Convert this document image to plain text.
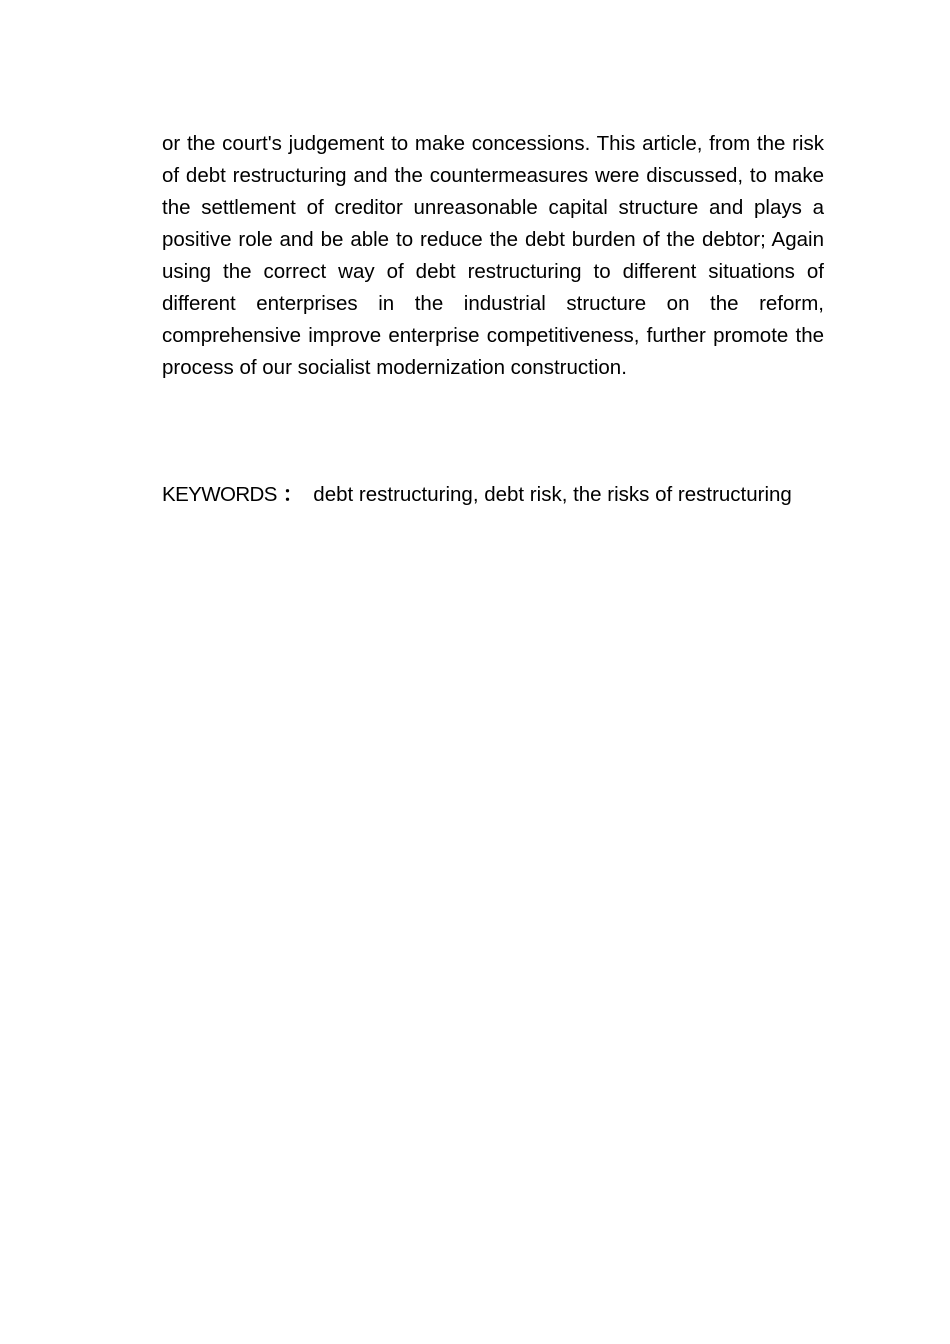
or the court's judgement to make concessions. This article, from the risk of debt restructuring and the countermeasures were discussed, to make the settlement of creditor unreasonable capital structure and plays a positive role and be able to reduce the debt burden of the debtor; Again using the correct way of debt restructuring to different situations of different enterprises in the industrial structure on the reform, comprehensive improve enterprise competitiveness, further promote the process of our socialist modernization construction.

KEYWORDS ： debt restructuring, debt risk, the risks of restructuring
